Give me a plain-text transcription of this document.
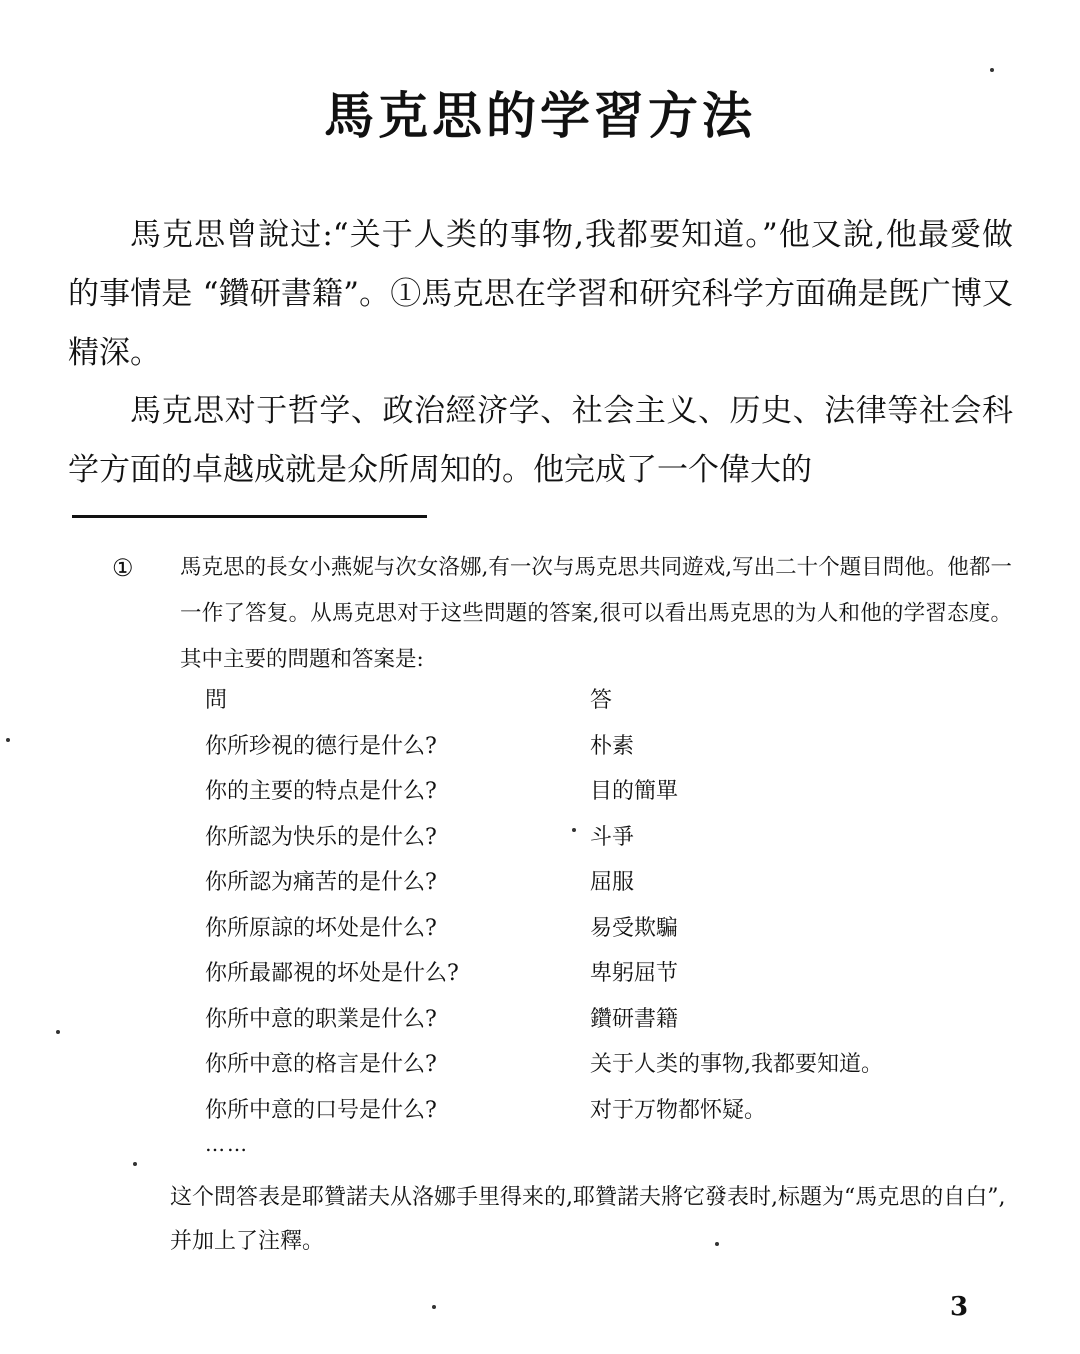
馬克思的学習方法

馬克思曾說过:“关于人类的事物,我都要知道。”他又說,他最愛做的事情是 “鑽研書籍”。①馬克思在学習和研究科学方面确是旣广博又精深。

馬克思对于哲学、政治經济学、社会主义、历史、法律等社会科学方面的卓越成就是众所周知的。他完成了一个偉大的

① 馬克思的長女小燕妮与次女洛娜,有一次与馬克思共同遊戏,写出二十个題目問他。他都一一作了答复。从馬克思对于这些問題的答案,很可以看出馬克思的为人和他的学習态度。其中主要的問題和答案是:
問	答
你所珍視的德行是什么?	朴素
你的主要的特点是什么?	目的簡單
你所認为快乐的是什么?	斗爭
你所認为痛苦的是什么?	屈服
你所原諒的坏处是什么?	易受欺騙
你所最鄙視的坏处是什么?	卑躬屈节
你所中意的职業是什么?	鑽研書籍
你所中意的格言是什么?	关于人类的事物,我都要知道。
你所中意的口号是什么?	对于万物都怀疑。
……
这个問答表是耶贊諾夫从洛娜手里得来的,耶贊諾夫將它發表时,标題为“馬克思的自白”,并加上了注釋。
3
